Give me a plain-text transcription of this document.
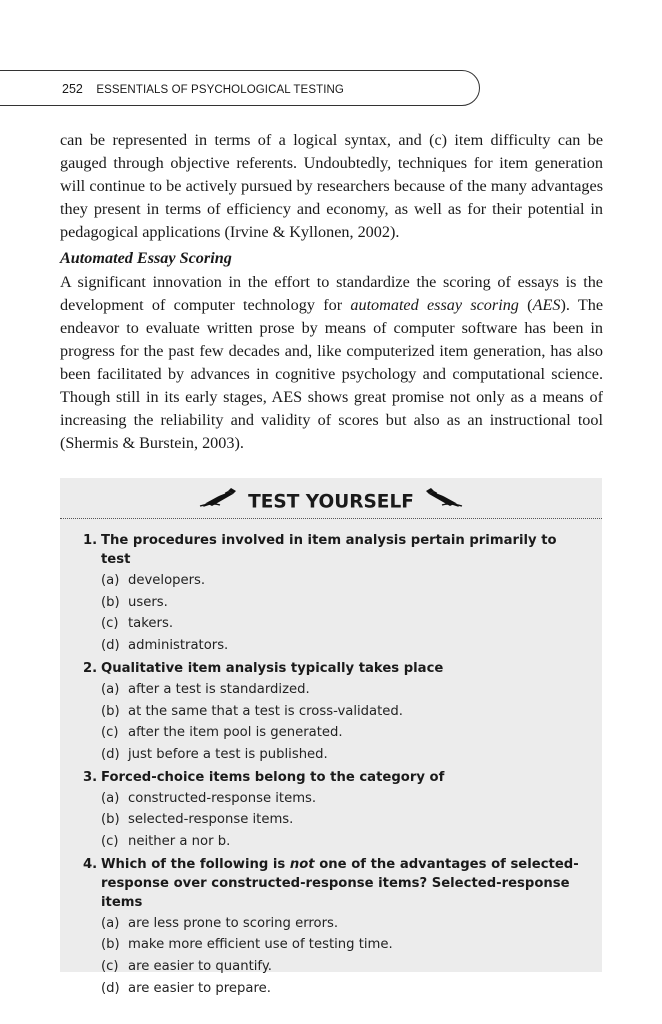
252 ESSENTIALS OF PSYCHOLOGICAL TESTING

can be represented in terms of a logical syntax, and (c) item difficulty can be gauged through objective referents. Undoubtedly, techniques for item generation will continue to be actively pursued by researchers because of the many advantages they present in terms of efficiency and economy, as well as for their potential in pedagogical applications (Irvine & Kyllonen, 2002).

Automated Essay Scoring

A significant innovation in the effort to standardize the scoring of essays is the development of computer technology for automated essay scoring (AES). The endeavor to evaluate written prose by means of computer software has been in progress for the past few decades and, like computerized item generation, has also been facilitated by advances in cognitive psychology and computational science. Though still in its early stages, AES shows great promise not only as a means of increasing the reliability and validity of scores but also as an instructional tool (Shermis & Burstein, 2003).

TEST YOURSELF
1. The procedures involved in item analysis pertain primarily to test
(a) developers.
(b) users.
(c) takers.
(d) administrators.
2. Qualitative item analysis typically takes place
(a) after a test is standardized.
(b) at the same that a test is cross-validated.
(c) after the item pool is generated.
(d) just before a test is published.
3. Forced-choice items belong to the category of
(a) constructed-response items.
(b) selected-response items.
(c) neither a nor b.
4. Which of the following is not one of the advantages of selected-response over constructed-response items? Selected-response items
(a) are less prone to scoring errors.
(b) make more efficient use of testing time.
(c) are easier to quantify.
(d) are easier to prepare.
